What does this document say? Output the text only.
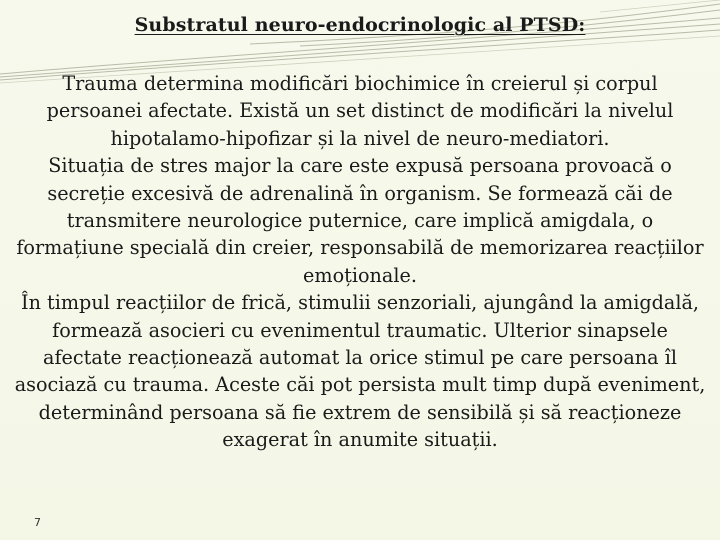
Substratul neuro-endocrinologic al PTSD:

Trauma determina modificări biochimice în creierul și corpul persoanei afectate. Există un set distinct de modificări la nivelul hipotalamo-hipofizar și la nivel de neuro-mediatori.

Situația de stres major la care este expusă persoana provoacă o secreție excesivă de adrenalină în organism. Se formează căi de transmitere neurologice puternice, care implică amigdala, o formațiune specială din creier, responsabilă de memorizarea reacțiilor emoționale.

În timpul reacțiilor de frică, stimulii senzoriali, ajungând la amigdală, formează asocieri cu evenimentul traumatic. Ulterior sinapsele afectate reacționează automat la orice stimul pe care persoana îl asociază cu trauma. Aceste căi pot persista mult timp după eveniment, determinând persoana să fie extrem de sensibilă și să reacționeze exagerat în anumite situații.

7
